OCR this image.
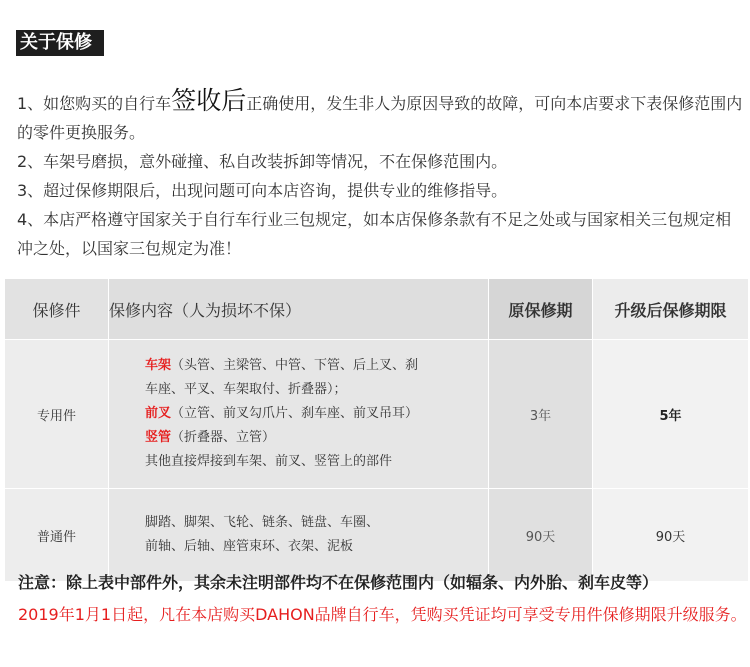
关于保修

1、如您购买的自行车签收后正确使用，发生非人为原因导致的故障，可向本店要求下表保修范围内的零件更换服务。

2、车架号磨损，意外碰撞、私自改装拆卸等情况，不在保修范围内。

3、超过保修期限后，出现问题可向本店咨询，提供专业的维修指导。

4、本店严格遵守国家关于自行车行业三包规定，如本店保修条款有不足之处或与国家相关三包规定相冲之处，以国家三包规定为准！

保修件	保修内容（人为损坏不保）	原保修期	升级后保修期限
专用件	车架（头管、主梁管、中管、下管、后上叉、刹
车座、平叉、车架取付、折叠器）；
前叉（立管、前叉勾爪片、刹车座、前叉吊耳）
竖管（折叠器、立管）
其他直接焊接到车架、前叉、竖管上的部件	3年	5年
普通件	脚踏、脚架、飞轮、链条、链盘、车圈、
前轴、后轴、座管束环、衣架、泥板	90天	90天
注意：除上表中部件外，其余未注明部件均不在保修范围内（如辐条、内外胎、刹车皮等）
2019年1月1日起，凡在本店购买DAHON品牌自行车，凭购买凭证均可享受专用件保修期限升级服务。
